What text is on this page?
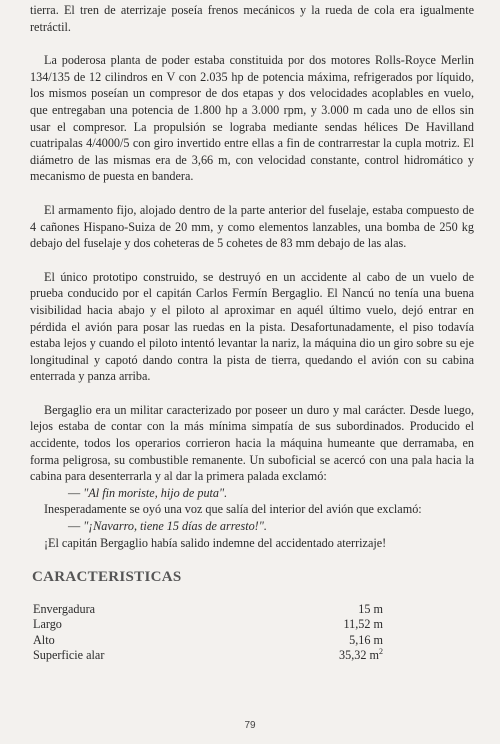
tierra. El tren de aterrizaje poseía frenos mecánicos y la rueda de cola era igualmente retráctil.

La poderosa planta de poder estaba constituida por dos motores Rolls-Royce Merlin 134/135 de 12 cilindros en V con 2.035 hp de potencia máxima, refrigerados por líquido, los mismos poseían un compresor de dos etapas y dos velocidades acoplables en vuelo, que entregaban una potencia de 1.800 hp a 3.000 rpm, y 3.000 m cada uno de ellos sin usar el compresor. La propulsión se lograba mediante sendas hélices De Havilland cuatripalas 4/4000/5 con giro invertido entre ellas a fin de contrarrestar la cupla motriz. El diámetro de las mismas era de 3,66 m, con velocidad constante, control hidromático y mecanismo de puesta en bandera.

El armamento fijo, alojado dentro de la parte anterior del fuselaje, estaba compuesto de 4 cañones Hispano-Suiza de 20 mm, y como elementos lanzables, una bomba de 250 kg debajo del fuselaje y dos coheteras de 5 cohetes de 83 mm debajo de las alas.

El único prototipo construido, se destruyó en un accidente al cabo de un vuelo de prueba conducido por el capitán Carlos Fermín Bergaglio. El Nancú no tenía una buena visibilidad hacia abajo y el piloto al aproximar en aquél último vuelo, dejó entrar en pérdida el avión para posar las ruedas en la pista. Desafortunadamente, el piso todavía estaba lejos y cuando el piloto intentó levantar la nariz, la máquina dio un giro sobre su eje longitudinal y capotó dando contra la pista de tierra, quedando el avión con su cabina enterrada y panza arriba.

Bergaglio era un militar caracterizado por poseer un duro y mal carácter. Desde luego, lejos estaba de contar con la más mínima simpatía de sus subordinados. Producido el accidente, todos los operarios corrieron hacia la máquina humeante que derramaba, en forma peligrosa, su combustible remanente. Un suboficial se acercó con una pala hacia la cabina para desenterrarla y al dar la primera palada exclamó:

— "Al fin moriste, hijo de puta".

Inesperadamente se oyó una voz que salía del interior del avión que exclamó:

— "¡Navarro, tiene 15 días de arresto!".

¡El capitán Bergaglio había salido indemne del accidentado aterrizaje!

CARACTERISTICAS
Envergadura	15 m
Largo	11,52 m
Alto	5,16 m
Superficie alar	35,32 $m^2$
79
